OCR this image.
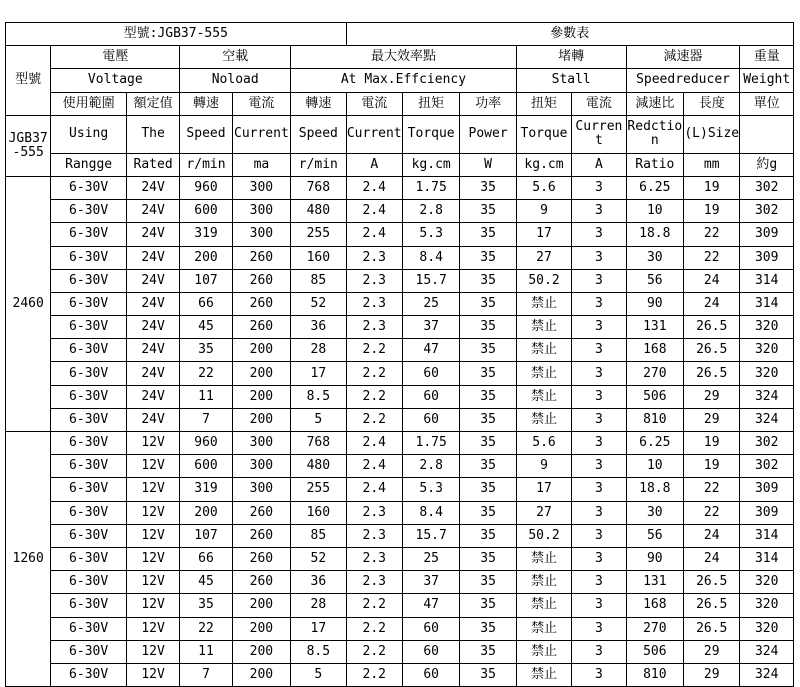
型號:JGB37-555						參數表							
型號	電壓		空載		最大效率點				堵轉		減速器		重量
	Voltage		Noload		At Max.Effciency				Stall		Speedreducer		Weight
	使用範圍	額定值	轉速	電流	轉速	電流	扭矩	功率	扭矩	電流	減速比	長度	單位
JGB37-555	Using	The	Speed	Current	Speed	Current	Torque	Power	Torque	Current	Redction	(L)Size	
	Rangge	Rated	r/min	ma	r/min	A	kg.cm	W	kg.cm	A	Ratio	mm	約g
2460	6-30V	24V	960	300	768	2.4	1.75	35	5.6	3	6.25	19	302
	6-30V	24V	600	300	480	2.4	2.8	35	9	3	10	19	302
	6-30V	24V	319	300	255	2.4	5.3	35	17	3	18.8	22	309
	6-30V	24V	200	260	160	2.3	8.4	35	27	3	30	22	309
	6-30V	24V	107	260	85	2.3	15.7	35	50.2	3	56	24	314
	6-30V	24V	66	260	52	2.3	25	35	禁止	3	90	24	314
	6-30V	24V	45	260	36	2.3	37	35	禁止	3	131	26.5	320
	6-30V	24V	35	200	28	2.2	47	35	禁止	3	168	26.5	320
	6-30V	24V	22	200	17	2.2	60	35	禁止	3	270	26.5	320
	6-30V	24V	11	200	8.5	2.2	60	35	禁止	3	506	29	324
	6-30V	24V	7	200	5	2.2	60	35	禁止	3	810	29	324
1260	6-30V	12V	960	300	768	2.4	1.75	35	5.6	3	6.25	19	302
	6-30V	12V	600	300	480	2.4	2.8	35	9	3	10	19	302
	6-30V	12V	319	300	255	2.4	5.3	35	17	3	18.8	22	309
	6-30V	12V	200	260	160	2.3	8.4	35	27	3	30	22	309
	6-30V	12V	107	260	85	2.3	15.7	35	50.2	3	56	24	314
	6-30V	12V	66	260	52	2.3	25	35	禁止	3	90	24	314
	6-30V	12V	45	260	36	2.3	37	35	禁止	3	131	26.5	320
	6-30V	12V	35	200	28	2.2	47	35	禁止	3	168	26.5	320
	6-30V	12V	22	200	17	2.2	60	35	禁止	3	270	26.5	320
	6-30V	12V	11	200	8.5	2.2	60	35	禁止	3	506	29	324
	6-30V	12V	7	200	5	2.2	60	35	禁止	3	810	29	324
